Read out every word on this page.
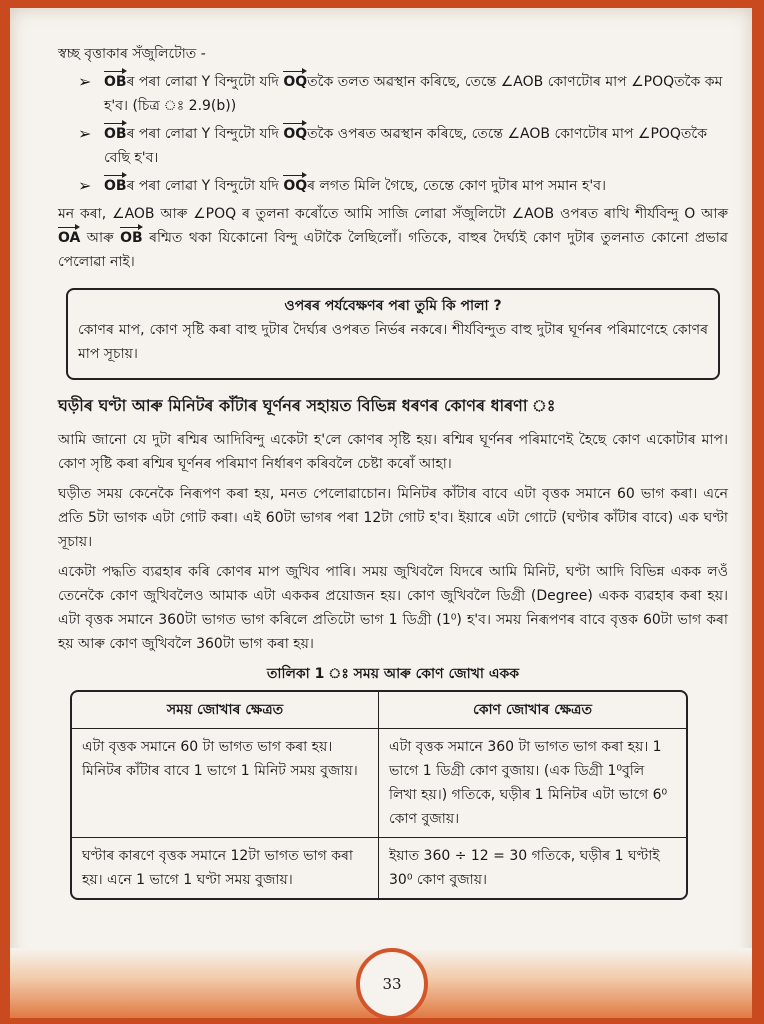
স্বচ্ছ বৃত্তাকাৰ সঁজুলিটোত -

➢ OBৰ পৰা লোৱা Y বিন্দুটো যদি OQতকৈ তলত অৱস্থান কৰিছে, তেন্তে ∠AOB কোণটোৰ মাপ ∠POQতকৈ কম হ'ব। (চিত্ৰ ঃ 2.9(b))
➢ OBৰ পৰা লোৱা Y বিন্দুটো যদি OQতকৈ ওপৰত অৱস্থান কৰিছে, তেন্তে ∠AOB কোণটোৰ মাপ ∠POQতকৈ বেছি হ'ব।
➢ OBৰ পৰা লোৱা Y বিন্দুটো যদি OQৰ লগত মিলি গৈছে, তেন্তে কোণ দুটাৰ মাপ সমান হ'ব।

মন কৰা, ∠AOB আৰু ∠POQ ৰ তুলনা কৰোঁতে আমি সাজি লোৱা সঁজুলিটো ∠AOB ওপৰত ৰাখি শীৰ্যবিন্দু O আৰু OA আৰু OB ৰশ্মিত থকা যিকোনো বিন্দু এটাকৈ লৈছিলোঁ। গতিকে, বাহুৰ দৈৰ্ঘ্যই কোণ দুটাৰ তুলনাত কোনো প্ৰভাৱ পেলোৱা নাই।

ওপৰৰ পৰ্যবেক্ষণৰ পৰা তুমি কি পালা ?

কোণৰ মাপ, কোণ সৃষ্টি কৰা বাহু দুটাৰ দৈৰ্ঘ্যৰ ওপৰত নিৰ্ভৰ নকৰে। শীৰ্যবিন্দুত বাহু দুটাৰ ঘূৰ্ণনৰ পৰিমাণেহে কোণৰ মাপ সূচায়।

ঘড়ীৰ ঘণ্টা আৰু মিনিটৰ কাঁটাৰ ঘূৰ্ণনৰ সহায়ত বিভিন্ন ধৰণৰ কোণৰ ধাৰণা ঃ

আমি জানো যে দুটা ৰশ্মিৰ আদিবিন্দু একেটা হ'লে কোণৰ সৃষ্টি হয়। ৰশ্মিৰ ঘূৰ্ণনৰ পৰিমাণেই হৈছে কোণ একোটাৰ মাপ। কোণ সৃষ্টি কৰা ৰশ্মিৰ ঘূৰ্ণনৰ পৰিমাণ নিৰ্ধাৰণ কৰিবলৈ চেষ্টা কৰোঁ আহা।

ঘড়ীত সময় কেনেকৈ নিৰূপণ কৰা হয়, মনত পেলোৱাচোন। মিনিটৰ কাঁটাৰ বাবে এটা বৃত্তক সমানে 60 ভাগ কৰা। এনে প্ৰতি 5টা ভাগক এটা গোট কৰা। এই 60টা ভাগৰ পৰা 12টা গোট হ'ব। ইয়াৰে এটা গোটে (ঘণ্টাৰ কাঁটাৰ বাবে) এক ঘণ্টা সূচায়।

একেটা পদ্ধতি ব্যৱহাৰ কৰি কোণৰ মাপ জুখিব পাৰি। সময় জুখিবলৈ যিদৰে আমি মিনিট, ঘণ্টা আদি বিভিন্ন একক লওঁ তেনেকৈ কোণ জুখিবলৈও আমাক এটা এককৰ প্ৰয়োজন হয়। কোণ জুখিবলৈ ডিগ্ৰী (Degree) একক ব্যৱহাৰ কৰা হয়। এটা বৃত্তক সমানে 360টা ভাগত ভাগ কৰিলে প্ৰতিটো ভাগ 1 ডিগ্ৰী (1⁰) হ'ব। সময় নিৰূপণৰ বাবে বৃত্তক 60টা ভাগ কৰা হয় আৰু কোণ জুখিবলৈ 360টা ভাগ কৰা হয়।

তালিকা 1 ঃ সময় আৰু কোণ জোখা একক
সময় জোখাৰ ক্ষেত্ৰত	কোণ জোখাৰ ক্ষেত্ৰত
এটা বৃত্তক সমানে 60 টা ভাগত ভাগ কৰা হয়। মিনিটৰ কাঁটাৰ বাবে 1 ভাগে 1 মিনিট সময় বুজায়।	এটা বৃত্তক সমানে 360 টা ভাগত ভাগ কৰা হয়। 1 ভাগে 1 ডিগ্ৰী কোণ বুজায়। (এক ডিগ্ৰী 1⁰বুলি লিখা হয়।) গতিকে, ঘড়ীৰ 1 মিনিটৰ এটা ভাগে 6⁰ কোণ বুজায়।
ঘণ্টাৰ কাৰণে বৃত্তক সমানে 12টা ভাগত ভাগ কৰা হয়। এনে 1 ভাগে 1 ঘণ্টা সময় বুজায়।	ইয়াত 360 ÷ 12 = 30 গতিকে, ঘড়ীৰ 1 ঘণ্টাই 30⁰ কোণ বুজায়।
33
